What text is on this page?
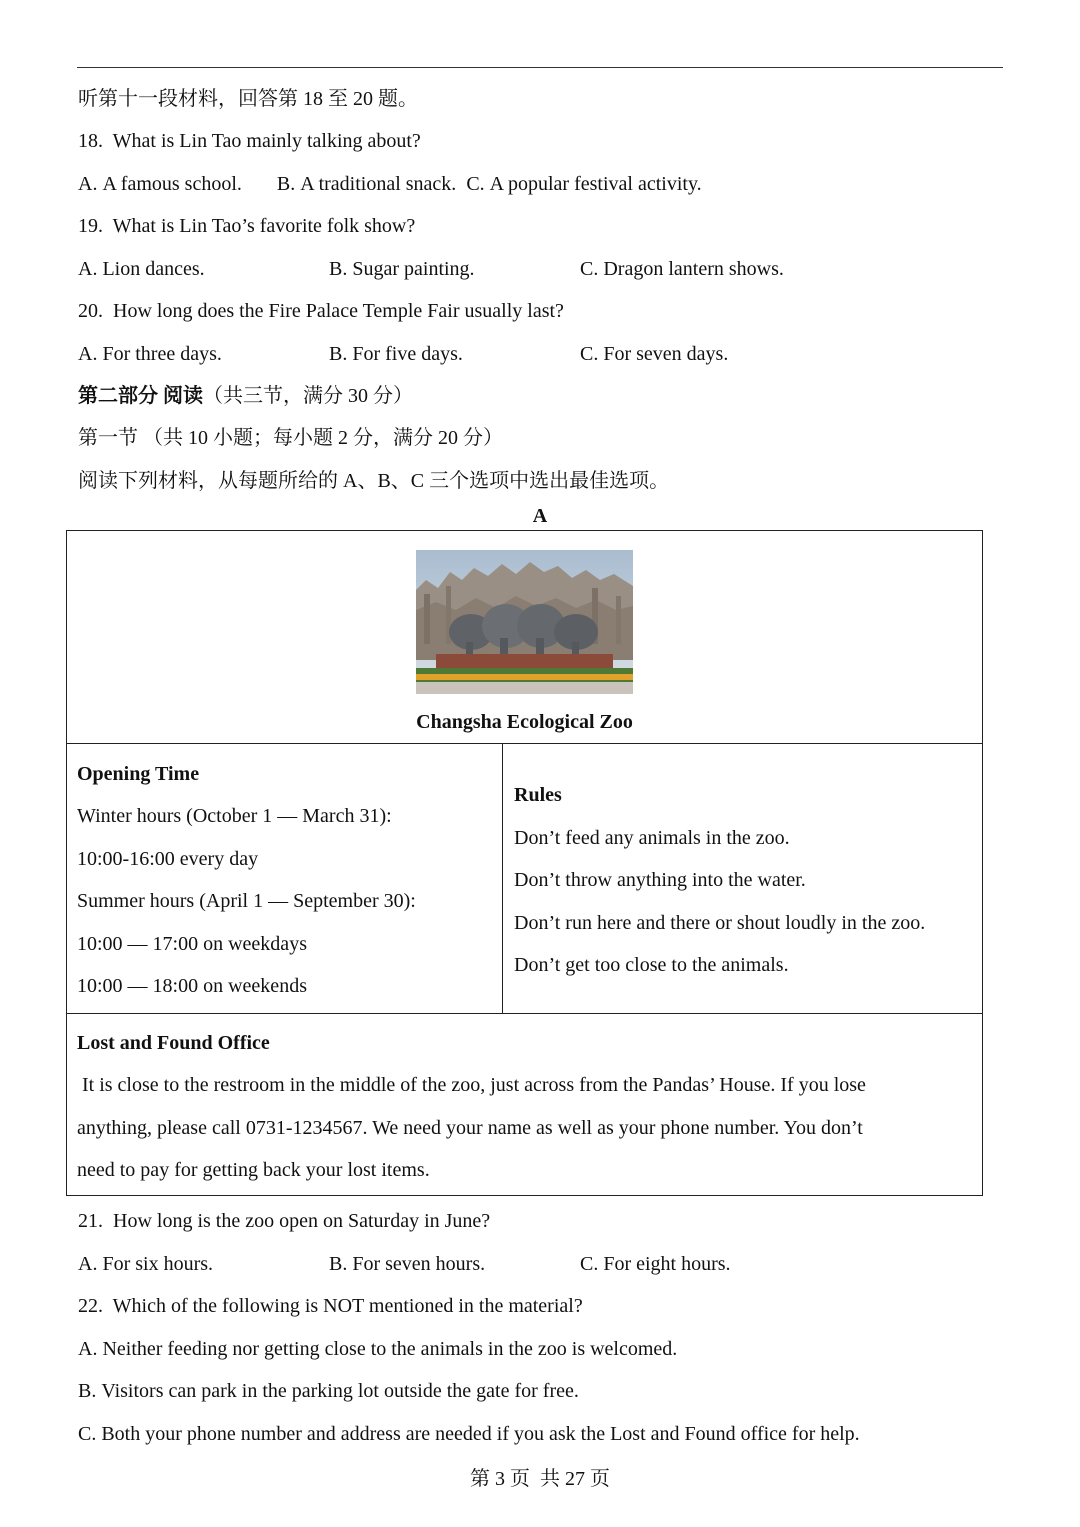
听第十一段材料，回答第 18 至 20 题。
18. What is Lin Tao mainly talking about?
A. A famous school. B. A traditional snack. C. A popular festival activity.
19. What is Lin Tao’s favorite folk show?
A. Lion dances.	B. Sugar painting.	C. Dragon lantern shows.
20. How long does the Fire Palace Temple Fair usually last?
A. For three days.	B. For five days.	C. For seven days.
第二部分 阅读（共三节，满分 30 分）
第一节 （共 10 小题；每小题 2 分，满分 20 分）
阅读下列材料，从每题所给的 A、B、C 三个选项中选出最佳选项。
A
Changsha Ecological Zoo
Opening Time
Winter hours (October 1 — March 31):
10:00-16:00 every day
Summer hours (April 1 — September 30):
10:00 — 17:00 on weekdays
10:00 — 18:00 on weekends
Rules
Don’t feed any animals in the zoo.
Don’t throw anything into the water.
Don’t run here and there or shout loudly in the zoo.
Don’t get too close to the animals.
Lost and Found Office
It is close to the restroom in the middle of the zoo, just across from the Pandas’ House. If you lose
anything, please call 0731-1234567. We need your name as well as your phone number. You don’t
need to pay for getting back your lost items.
21. How long is the zoo open on Saturday in June?
A. For six hours.	B. For seven hours.	C. For eight hours.
22. Which of the following is NOT mentioned in the material?
A. Neither feeding nor getting close to the animals in the zoo is welcomed.
B. Visitors can park in the parking lot outside the gate for free.
C. Both your phone number and address are needed if you ask the Lost and Found office for help.
第 3 页  共 27 页
